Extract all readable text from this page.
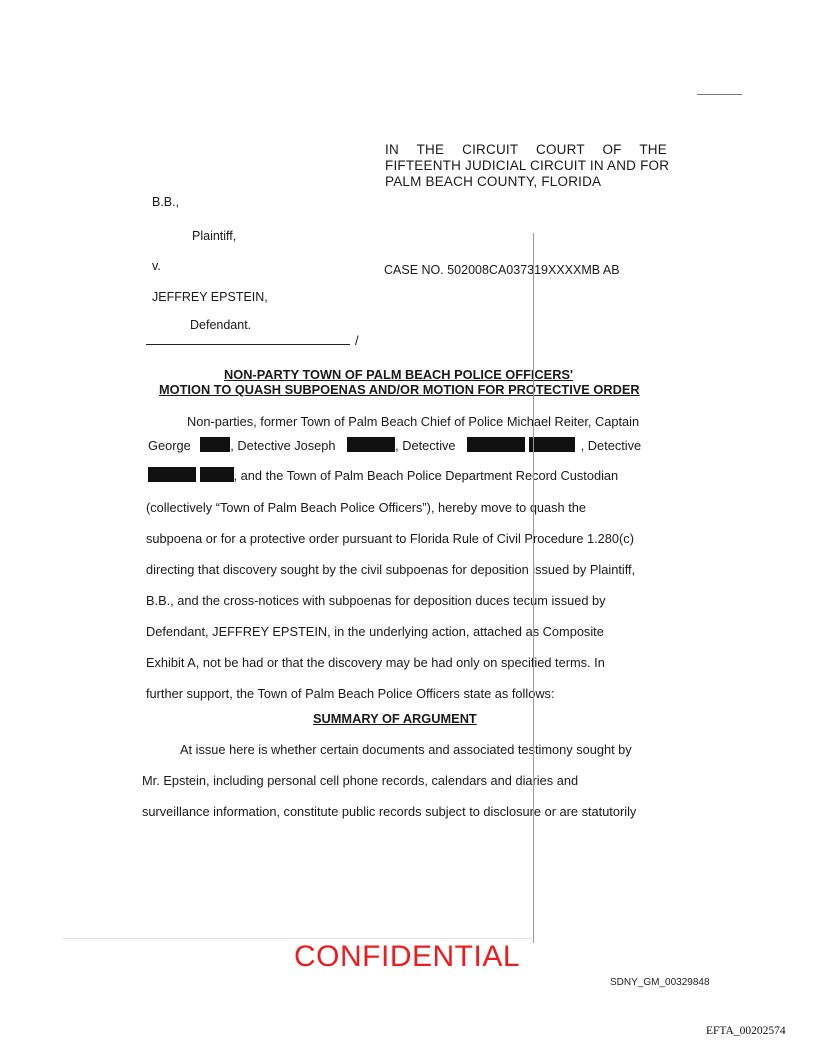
IN THE CIRCUIT COURT OF THE
FIFTEENTH JUDICIAL CIRCUIT IN AND FOR
PALM BEACH COUNTY, FLORIDA
B.B.,
Plaintiff,
v.	CASE NO. 502008CA037319XXXXMB AB
JEFFREY EPSTEIN,
Defendant.
/
NON-PARTY TOWN OF PALM BEACH POLICE OFFICERS'
MOTION TO QUASH SUBPOENAS AND/OR MOTION FOR PROTECTIVE ORDER
Non-parties, former Town of Palm Beach Chief of Police Michael Reiter, Captain
George	, Detective Joseph	, Detective	, Detective
, and the Town of Palm Beach Police Department Record Custodian
(collectively “Town of Palm Beach Police Officers”), hereby move to quash the
subpoena or for a protective order pursuant to Florida Rule of Civil Procedure 1.280(c)
directing that discovery sought by the civil subpoenas for deposition issued by Plaintiff,
B.B., and the cross-notices with subpoenas for deposition duces tecum issued by
Defendant, JEFFREY EPSTEIN, in the underlying action, attached as Composite
Exhibit A, not be had or that the discovery may be had only on specified terms. In
further support, the Town of Palm Beach Police Officers state as follows:
SUMMARY OF ARGUMENT
At issue here is whether certain documents and associated testimony sought by
Mr. Epstein, including personal cell phone records, calendars and diaries and
surveillance information, constitute public records subject to disclosure or are statutorily
CONFIDENTIAL
SDNY_GM_00329848
EFTA_00202574
